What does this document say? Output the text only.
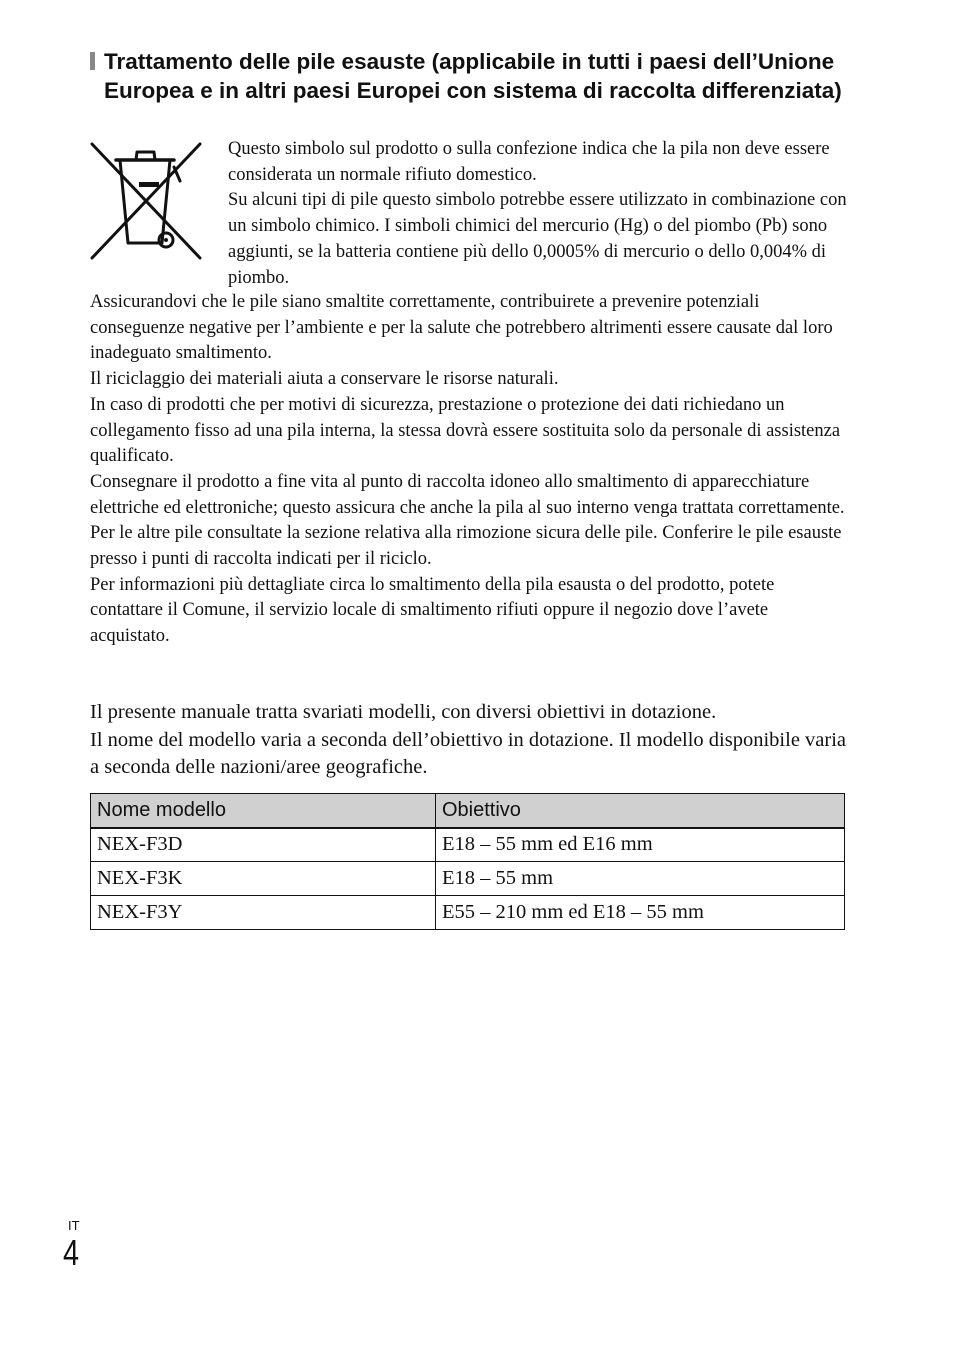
Trattamento delle pile esauste (applicabile in tutti i paesi dell’Unione Europea e in altri paesi Europei con sistema di raccolta differenziata)

Questo simbolo sul prodotto o sulla confezione indica che la pila non deve essere considerata un normale rifiuto domestico.

Su alcuni tipi di pile questo simbolo potrebbe essere utilizzato in combinazione con un simbolo chimico. I simboli chimici del mercurio (Hg) o del piombo (Pb) sono aggiunti, se la batteria contiene più dello 0,0005% di mercurio o dello 0,004% di piombo.

Assicurandovi che le pile siano smaltite correttamente, contribuirete a prevenire potenziali conseguenze negative per l’ambiente e per la salute che potrebbero altrimenti essere causate dal loro inadeguato smaltimento.

Il riciclaggio dei materiali aiuta a conservare le risorse naturali.

In caso di prodotti che per motivi di sicurezza, prestazione o protezione dei dati richiedano un collegamento fisso ad una pila interna, la stessa dovrà essere sostituita solo da personale di assistenza qualificato.

Consegnare il prodotto a fine vita al punto di raccolta idoneo allo smaltimento di apparecchiature elettriche ed elettroniche; questo assicura che anche la pila al suo interno venga trattata correttamente.

Per le altre pile consultate la sezione relativa alla rimozione sicura delle pile. Conferire le pile esauste presso i punti di raccolta indicati per il riciclo.

Per informazioni più dettagliate circa lo smaltimento della pila esausta o del prodotto, potete contattare il Comune, il servizio locale di smaltimento rifiuti oppure il negozio dove l’avete acquistato.

Il presente manuale tratta svariati modelli, con diversi obiettivi in dotazione.

Il nome del modello varia a seconda dell’obiettivo in dotazione. Il modello disponibile varia a seconda delle nazioni/aree geografiche.

Nome modello	Obiettivo
NEX-F3D	E18 – 55 mm ed E16 mm
NEX-F3K	E18 – 55 mm
NEX-F3Y	E55 – 210 mm ed E18 – 55 mm
IT
4
